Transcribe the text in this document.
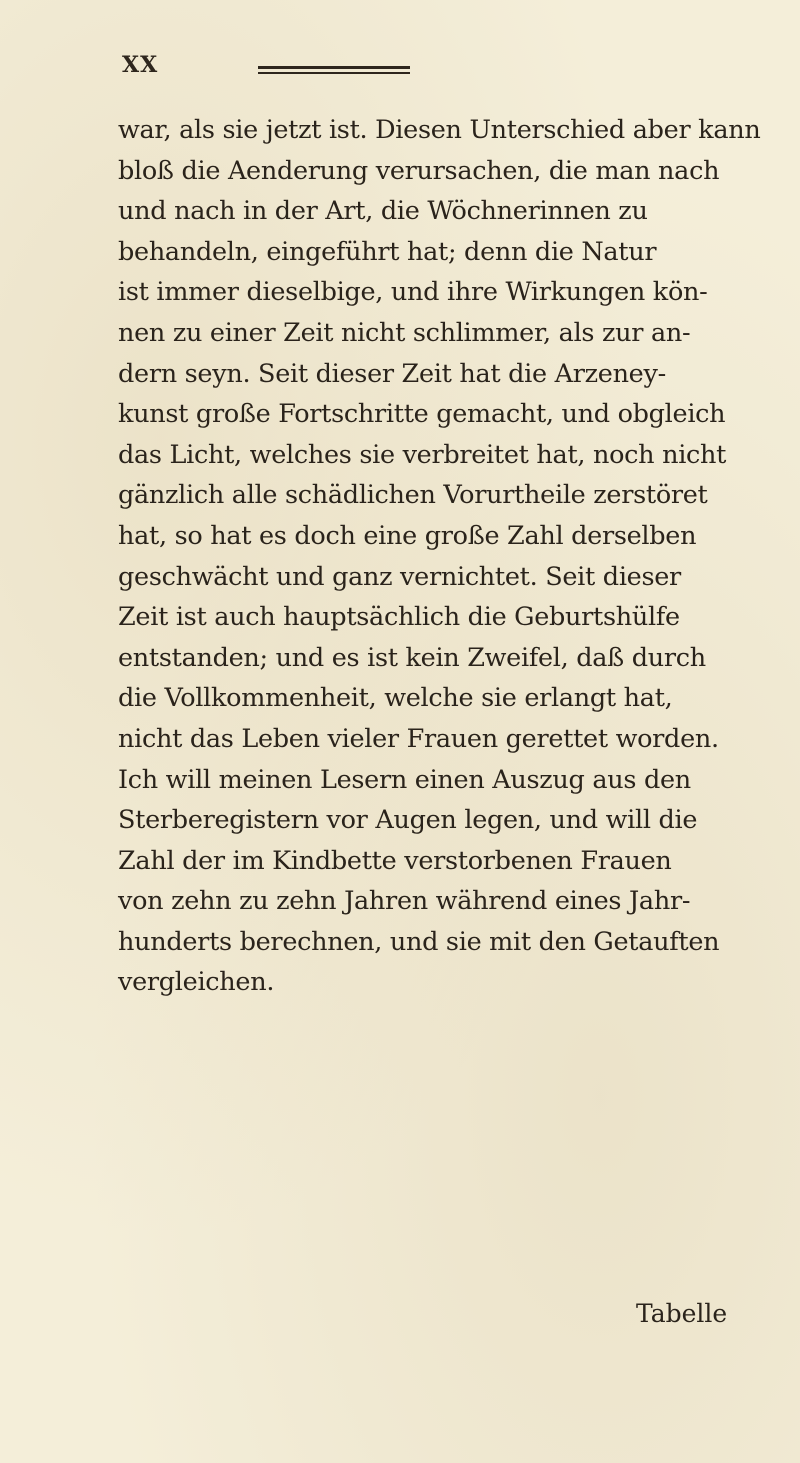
XX
war, als sie jetzt ist. Diesen Unterschied aber kann
bloß die Aenderung verursachen, die man nach
und nach in der Art, die Wöchnerinnen zu
behandeln, eingeführt hat; denn die Natur
ist immer dieselbige, und ihre Wirkungen kön-
nen zu einer Zeit nicht schlimmer, als zur an-
dern seyn. Seit dieser Zeit hat die Arzeney-
kunst große Fortschritte gemacht, und obgleich
das Licht, welches sie verbreitet hat, noch nicht
gänzlich alle schädlichen Vorurtheile zerstöret
hat, so hat es doch eine große Zahl derselben
geschwächt und ganz vernichtet. Seit dieser
Zeit ist auch hauptsächlich die Geburtshülfe
entstanden; und es ist kein Zweifel, daß durch
die Vollkommenheit, welche sie erlangt hat,
nicht das Leben vieler Frauen gerettet worden.
Ich will meinen Lesern einen Auszug aus den
Sterberegistern vor Augen legen, und will die
Zahl der im Kindbette verstorbenen Frauen
von zehn zu zehn Jahren während eines Jahr-
hunderts berechnen, und sie mit den Getauften
vergleichen.
Tabelle
